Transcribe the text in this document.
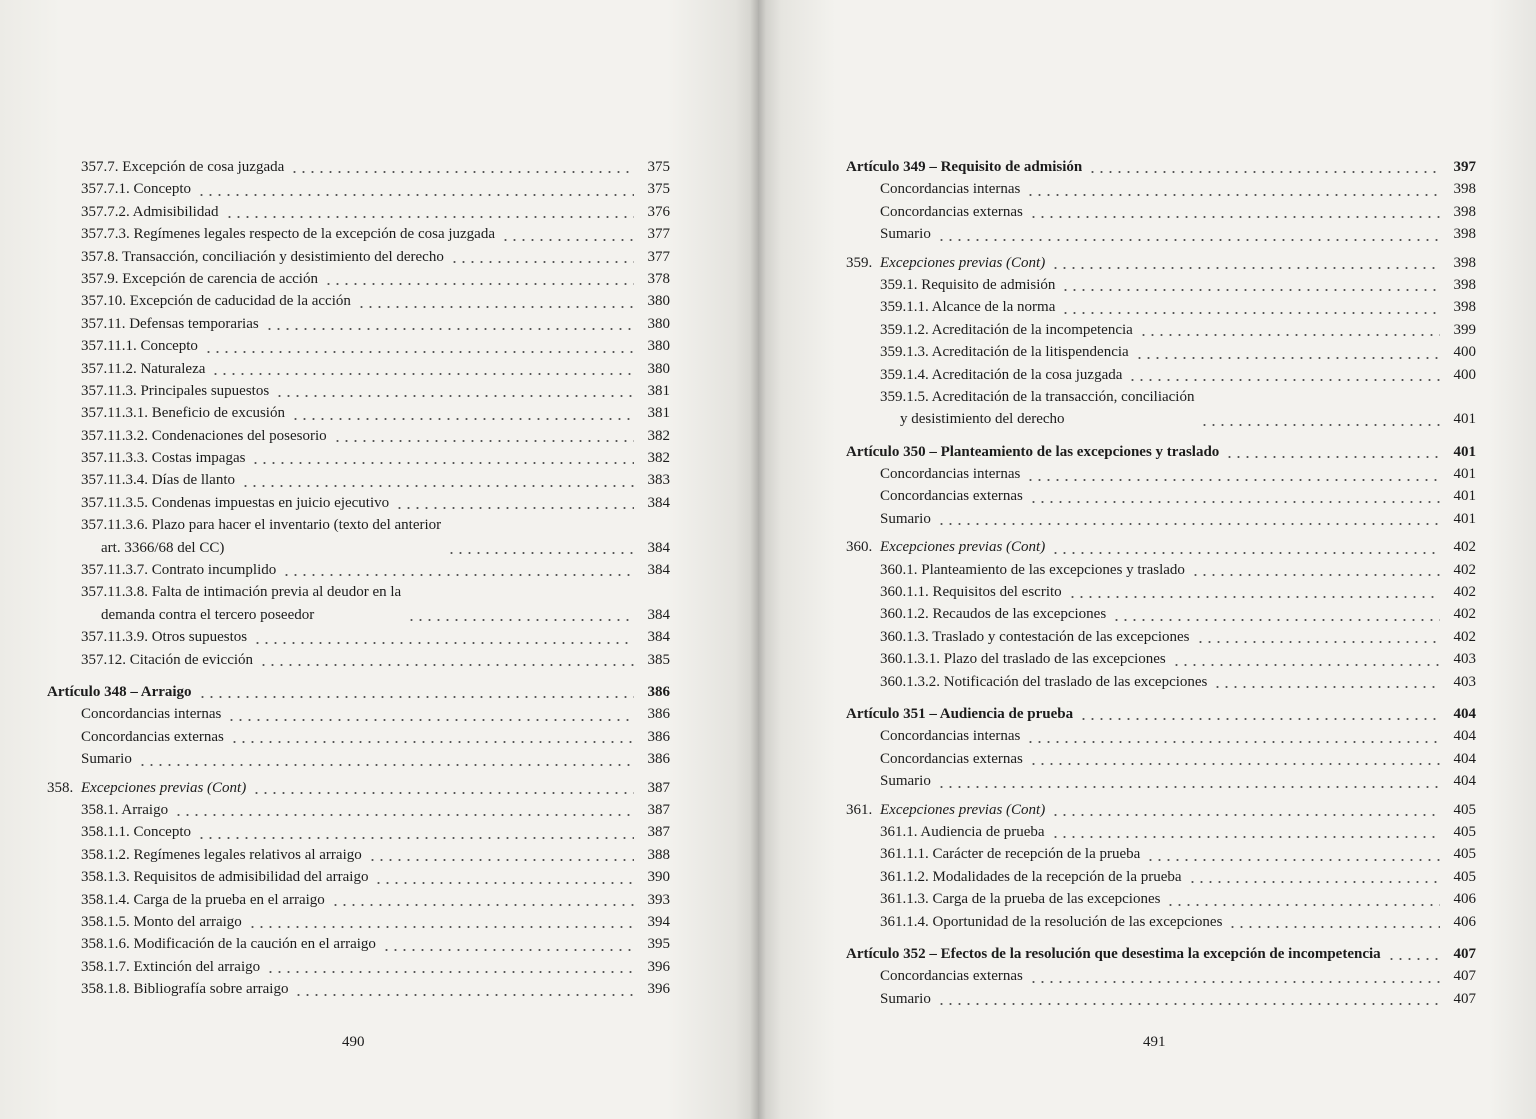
357.7. Excepción de cosa juzgada	375
357.7.1. Concepto	375
357.7.2. Admisibilidad	376
357.7.3. Regímenes legales respecto de la excepción de cosa juzgada	377
357.8. Transacción, conciliación y desistimiento del derecho	377
357.9. Excepción de carencia de acción	378
357.10. Excepción de caducidad de la acción	380
357.11. Defensas temporarias	380
357.11.1. Concepto	380
357.11.2. Naturaleza	380
357.11.3. Principales supuestos	381
357.11.3.1. Beneficio de excusión	381
357.11.3.2. Condenaciones del posesorio	382
357.11.3.3. Costas impagas	382
357.11.3.4. Días de llanto	383
357.11.3.5. Condenas impuestas en juicio ejecutivo	384
357.11.3.6. Plazo para hacer el inventario (texto del anterior
art. 3366/68 del CC)	384
357.11.3.7. Contrato incumplido	384
357.11.3.8. Falta de intimación previa al deudor en la
demanda contra el tercero poseedor	384
357.11.3.9. Otros supuestos	384
357.12. Citación de evicción	385
Artículo 348 – Arraigo	386
Concordancias internas	386
Concordancias externas	386
Sumario	386
358. Excepciones previas (Cont)	387
358.1. Arraigo	387
358.1.1. Concepto	387
358.1.2. Regímenes legales relativos al arraigo	388
358.1.3. Requisitos de admisibilidad del arraigo	390
358.1.4. Carga de la prueba en el arraigo	393
358.1.5. Monto del arraigo	394
358.1.6. Modificación de la caución en el arraigo	395
358.1.7. Extinción del arraigo	396
358.1.8. Bibliografía sobre arraigo	396
490
Artículo 349 – Requisito de admisión	397
Concordancias internas	398
Concordancias externas	398
Sumario	398
359. Excepciones previas (Cont)	398
359.1. Requisito de admisión	398
359.1.1. Alcance de la norma	398
359.1.2. Acreditación de la incompetencia	399
359.1.3. Acreditación de la litispendencia	400
359.1.4. Acreditación de la cosa juzgada	400
359.1.5. Acreditación de la transacción, conciliación
y desistimiento del derecho	401
Artículo 350 – Planteamiento de las excepciones y traslado	401
Concordancias internas	401
Concordancias externas	401
Sumario	401
360. Excepciones previas (Cont)	402
360.1. Planteamiento de las excepciones y traslado	402
360.1.1. Requisitos del escrito	402
360.1.2. Recaudos de las excepciones	402
360.1.3. Traslado y contestación de las excepciones	402
360.1.3.1. Plazo del traslado de las excepciones	403
360.1.3.2. Notificación del traslado de las excepciones	403
Artículo 351 – Audiencia de prueba	404
Concordancias internas	404
Concordancias externas	404
Sumario	404
361. Excepciones previas (Cont)	405
361.1. Audiencia de prueba	405
361.1.1. Carácter de recepción de la prueba	405
361.1.2. Modalidades de la recepción de la prueba	405
361.1.3. Carga de la prueba de las excepciones	406
361.1.4. Oportunidad de la resolución de las excepciones	406
Artículo 352 – Efectos de la resolución que desestima la excepción de incompetencia	407
Concordancias externas	407
Sumario	407
491
